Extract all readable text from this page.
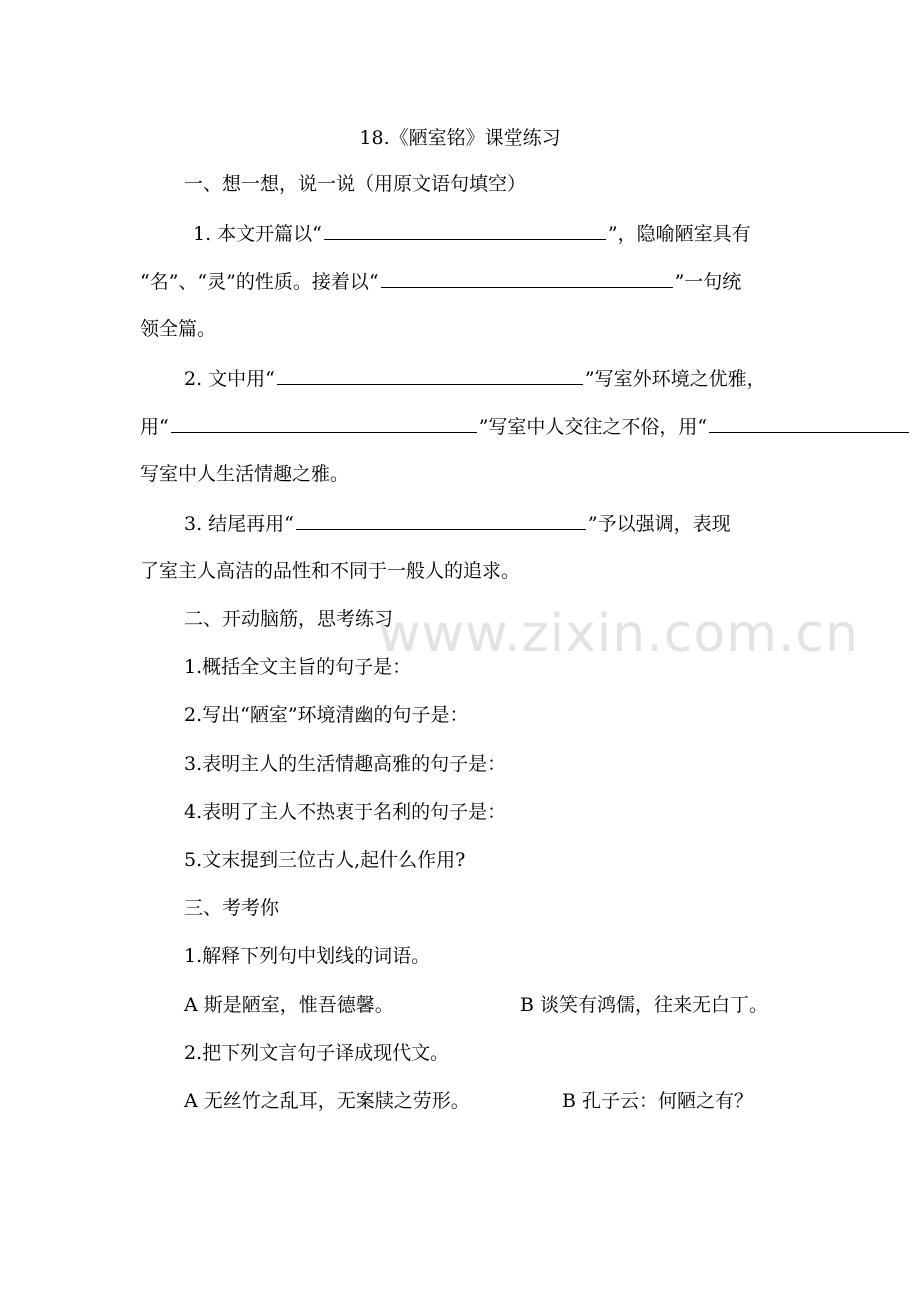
www.zixin.com.cn
18.《陋室铭》课堂练习
一、想一想，说一说（用原文语句填空）
1. 本文开篇以“	”，隐喻陋室具有
“名”、“灵”的性质。接着以“	”一句统
领全篇。
2. 文中用“	”写室外环境之优雅，
用“	”写室中人交往之不俗，用“
写室中人生活情趣之雅。
3. 结尾再用“	”予以强调，表现
了室主人高洁的品性和不同于一般人的追求。
二、开动脑筋，思考练习
1.概括全文主旨的句子是：
2.写出“陋室”环境清幽的句子是：
3.表明主人的生活情趣高雅的句子是：
4.表明了主人不热衷于名利的句子是：
5.文末提到三位古人,起什么作用?
三、考考你
1.解释下列句中划线的词语。
A 斯是陋室，惟吾德馨。	B 谈笑有鸿儒，往来无白丁。
2.把下列文言句子译成现代文。
A 无丝竹之乱耳，无案牍之劳形。	B 孔子云：何陋之有？
